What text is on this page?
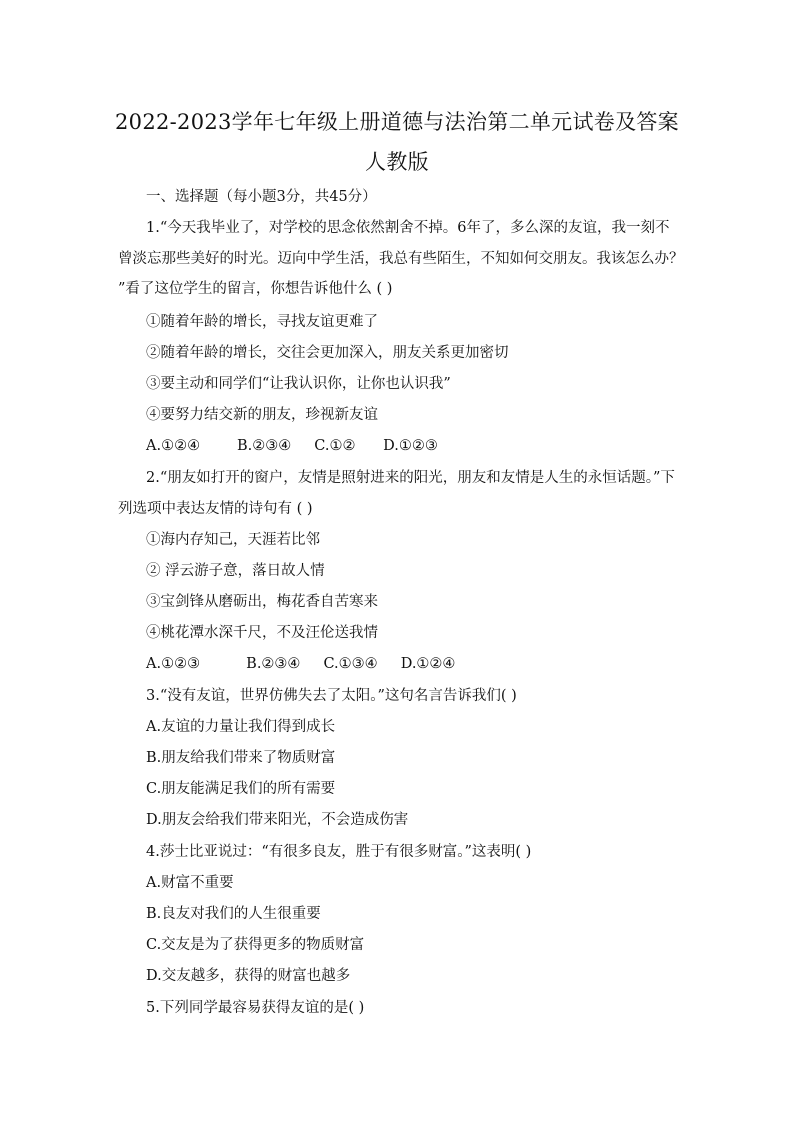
2022-2023学年七年级上册道德与法治第二单元试卷及答案
人教版
一、选择题（每小题3分，共45分）
1.“今天我毕业了，对学校的思念依然割舍不掉。6年了，多么深的友谊，我一刻不
曾淡忘那些美好的时光。迈向中学生活，我总有些陌生，不知如何交朋友。我该怎么办？
”看了这位学生的留言，你想告诉他什么 ( )
①随着年龄的增长，寻找友谊更难了
②随着年龄的增长，交往会更加深入，朋友关系更加密切
③要主动和同学们“让我认识你，让你也认识我”
④要努力结交新的朋友，珍视新友谊
A.①②④        B.②③④     C.①②      D.①②③
2.“朋友如打开的窗户，友情是照射进来的阳光，朋友和友情是人生的永恒话题。”下
列选项中表达友情的诗句有 ( )
①海内存知己，天涯若比邻
② 浮云游子意，落日故人情
③宝剑锋从磨砺出，梅花香自苦寒来
④桃花潭水深千尺，不及汪伦送我情
A.①②③          B.②③④     C.①③④     D.①②④
3.“没有友谊，世界仿佛失去了太阳。”这句名言告诉我们( )
A.友谊的力量让我们得到成长
B.朋友给我们带来了物质财富
C.朋友能满足我们的所有需要
D.朋友会给我们带来阳光，不会造成伤害
4.莎士比亚说过：“有很多良友，胜于有很多财富。”这表明( )
A.财富不重要
B.良友对我们的人生很重要
C.交友是为了获得更多的物质财富
D.交友越多，获得的财富也越多
5.下列同学最容易获得友谊的是( )
